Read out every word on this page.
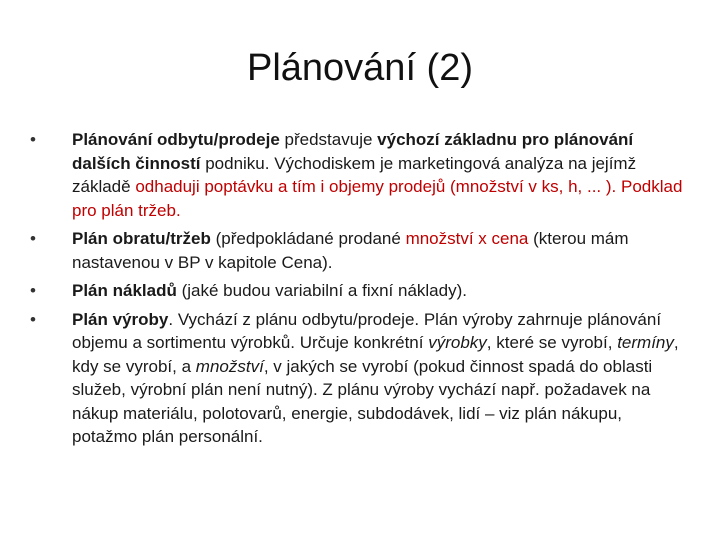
Plánování (2)
•	Plánování odbytu/prodeje představuje výchozí základnu pro plánování dalších činností podniku. Východiskem je marketingová analýza na jejímž základě odhaduji poptávku a tím i objemy prodejů (množství v ks, h, ... ). Podklad pro plán tržeb.
•	Plán obratu/tržeb (předpokládané prodané množství x cena (kterou mám nastavenou v BP v kapitole Cena).
•	Plán nákladů (jaké budou variabilní a fixní náklady).
•	Plán výroby. Vychází z plánu odbytu/prodeje. Plán výroby zahrnuje plánování objemu a sortimentu výrobků. Určuje konkrétní výrobky, které se vyrobí, termíny, kdy se vyrobí, a množství, v jakých se vyrobí (pokud činnost spadá do oblasti služeb, výrobní plán není nutný). Z plánu výroby vychází např. požadavek na nákup materiálu, polotovarů, energie, subdodávek, lidí – viz plán nákupu, potažmo plán personální.
